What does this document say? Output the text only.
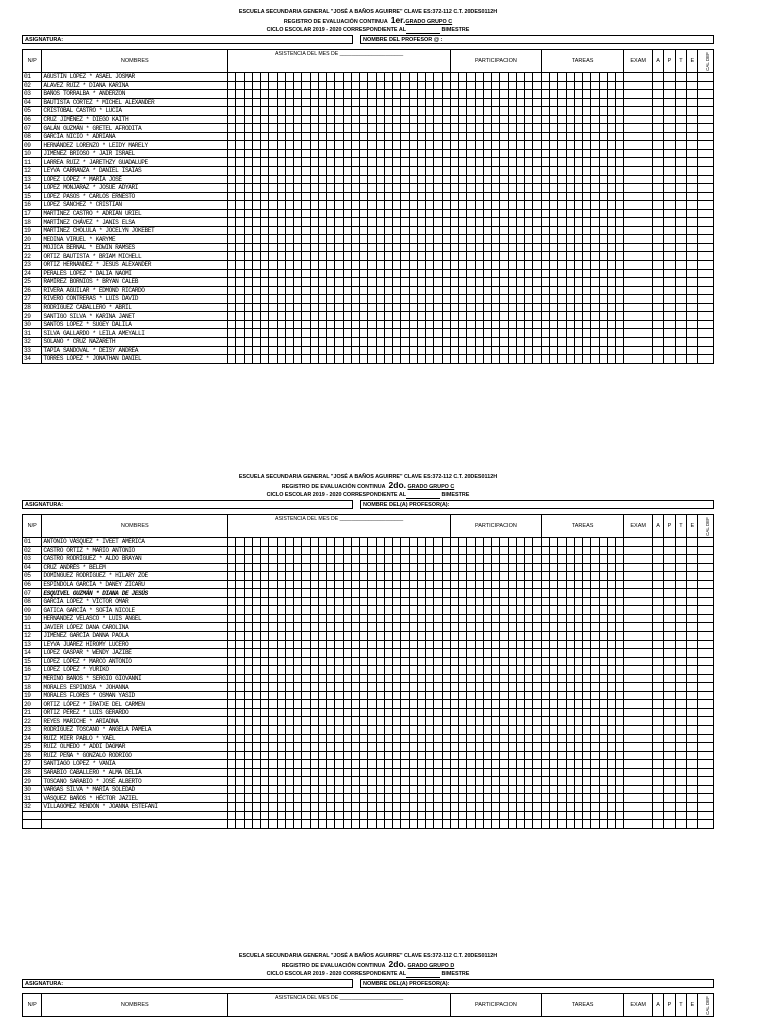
ESCUELA SECUNDARIA GENERAL "JOSÉ A BAÑOS AGUIRRE" CLAVE ES:372-112 C.T. 20DES0112H
REGISTRO DE EVALUACIÓN CONTINUA 1er.GRADO GRUPO C
CICLO ESCOLAR 2019 - 2020 CORRESPONDIENTE AL	BIMESTRE
ASIGNATURA:	NOMBRE DEL PROFESOR @ :
N/P	NOMBRES	ASISTENCIA DEL MES DE ______________________																											PARTICIPACION											TAREAS										EXAM	A	P	T	E	CAL DEF
01	AGUSTÍN LÓPEZ * ASAEL JOSMAR																																																						
02	ALAVEZ RUIZ * DIANA KARINA																																																						
03	BAÑOS TORRALBA * ANDERZON																																																						
04	BAUTISTA CORTEZ * MICHEL ALEXANDER																																																						
05	CRISTOBAL CASTRO * LUCIA																																																						
06	CRUZ JIMÉNEZ * DIEGO KAITH																																																						
07	GALÁN GUZMÁN * GRETEL AFRODITA																																																						
08	GARCÍA NICIO * ADRIANA																																																						
09	HERNÁNDEZ LORENZO * LEIDY MARELY																																																						
10	JIMÉNEZ BRIOSO * JAIR ISRAEL																																																						
11	LARREA RUIZ * JARETHZY GUADALUPE																																																						
12	LEYVA CARRANZA * DANIEL ISAIAS																																																						
13	LÓPEZ LÓPEZ * MARÍA JOSÉ																																																						
14	LÓPEZ MONJARAZ * JOSUE ADYARI																																																						
15	LÓPEZ PASOS * CARLOS ERNESTO																																																						
16	LÓPEZ SÁNCHEZ * CRISTIAN																																																						
17	MARTÍNEZ CASTRO * ADRIÁN URIEL																																																						
18	MARTÍNEZ CHÁVEZ * JANIS ELSA																																																						
19	MARTÍNEZ CHOLULA * JOCELYN JOKEBET																																																						
20	MEDINA VIRUEL * KARYME																																																						
21	MOJICA BERNAL * EDWIN RAMSES																																																						
22	ORTIZ BAUTISTA * BRIAM MICHELL																																																						
23	ORTIZ HERNÁNDEZ * JESÚS ALEXANDER																																																						
24	PERALES LÓPEZ * DALIA NAOMI																																																						
25	RAMÍREZ BORNIOS * BRYAN CALEB																																																						
26	RIVERA AGUILAR * EDMOND RICARDO																																																						
27	RIVERO CONTRERAS * LUIS DAVID																																																						
28	RODRIGUEZ CABALLERO * ABRIL																																																						
29	SANTIGO SILVA * KARINA JANET																																																						
30	SANTOS LÓPEZ * SUGEY DALILA																																																						
31	SILVA GALLARDO * LEILA AMEYALLI																																																						
32	SOLANO * CRUZ NAZARETH																																																						
33	TAPIA SANDOVAL * DEISY ANDREA																																																						
34	TORRES LÓPEZ * JONATHAN DANIEL																																																						
ESCUELA SECUNDARIA GENERAL "JOSÉ A BAÑOS AGUIRRE" CLAVE ES:372-112 C.T. 20DES0112H
REGISTRO DE EVALUACIÓN CONTINUA 2do. GRADO GRUPO C
CICLO ESCOLAR 2019 - 2020 CORRESPONDIENTE AL	BIMESTRE
ASIGNATURA:	NOMBRE DEL(A) PROFESOR(A):
N/P	NOMBRES	ASISTENCIA DEL MES DE ______________________																											PARTICIPACION											TAREAS										EXAM	A	P	T	E	CAL DEF
01	ANTONIO VÁSQUEZ * IVEET AMÉRICA																																																						
02	CASTRO ORTIZ * MARIO ANTONIO																																																						
03	CASTRO RODRÍGUEZ * ALDO BRAYAN																																																						
04	CRUZ ANDRÉS * BELEM																																																						
05	DOMÍNGUEZ RODRÍGUEZ * HILARY ZOE																																																						
06	ESPÍNDOLA GARCÍA * DANEY ZICARU																																																						
07	ESQUIVEL GUZMÁN * DIANA DE JESÚS																																																						
08	GARCÍA LÓPEZ * VÍCTOR OMAR																																																						
09	GATICA GARCÍA * SOFÍA NICOLE																																																						
10	HERNÁNDEZ VELASCO * LUIS ÁNGEL																																																						
11	JAVIER LÓPEZ DANA CAROLINA																																																						
12	JIMÉNEZ GARCÍA DANNA PAOLA																																																						
13	LEYVA JUÁREZ HIROMY LUCERO																																																						
14	LÓPEZ GASPAR * WENDY JAZIBE																																																						
15	LÓPEZ LÓPEZ * MARCO ANTONIO																																																						
16	LÓPEZ LÓPEZ * YURIKO																																																						
17	MERINO BAÑOS * SERGIO GIOVANNI																																																						
18	MORALES ESPINOSA * JOHANNA																																																						
19	MORALES FLORES * OSMAN YASID																																																						
20	ORTIZ LÓPEZ * IRATXE DEL CARMEN																																																						
21	ORTIZ PÉREZ * LUIS GERARDO																																																						
22	REYES MARICHE * ARIADNA																																																						
23	RODRÍGUEZ TOSCANO * ÁNGELA PAMELA																																																						
24	RUIZ MIER PABLO * YAEL																																																						
25	RUIZ OLMEDO * ADDI DAGMAR																																																						
26	RUIZ PEÑA * GONZALO RODRIGO																																																						
27	SANTIAGO LÓPEZ * VANIA																																																						
28	SARABIO CABALLERO * ALMA DELIA																																																						
29	TOSCANO SARABIO * JOSÉ ALBERTO																																																						
30	VARGAS SILVA * MARÍA SOLEDAD																																																						
31	VÁSQUEZ BAÑOS * HÉCTOR JAZIEL																																																						
32	VILLAGÓMEZ RENDÓN * JOANNA ESTEFANI																																																						

ESCUELA SECUNDARIA GENERAL "JOSÉ A BAÑOS AGUIRRE" CLAVE ES:372-112 C.T. 20DES0112H
REGISTRO DE EVALUACIÓN CONTINUA 2do. GRADO GRUPO D
CICLO ESCOLAR 2019 - 2020 CORRESPONDIENTE AL	BIMESTRE
ASIGNATURA:	NOMBRE DEL(A) PROFESOR(A):
N/P	NOMBRES	ASISTENCIA DEL MES DE ______________________	PARTICIPACION	TAREAS	EXAM	A	P	T	E	CAL DEF
